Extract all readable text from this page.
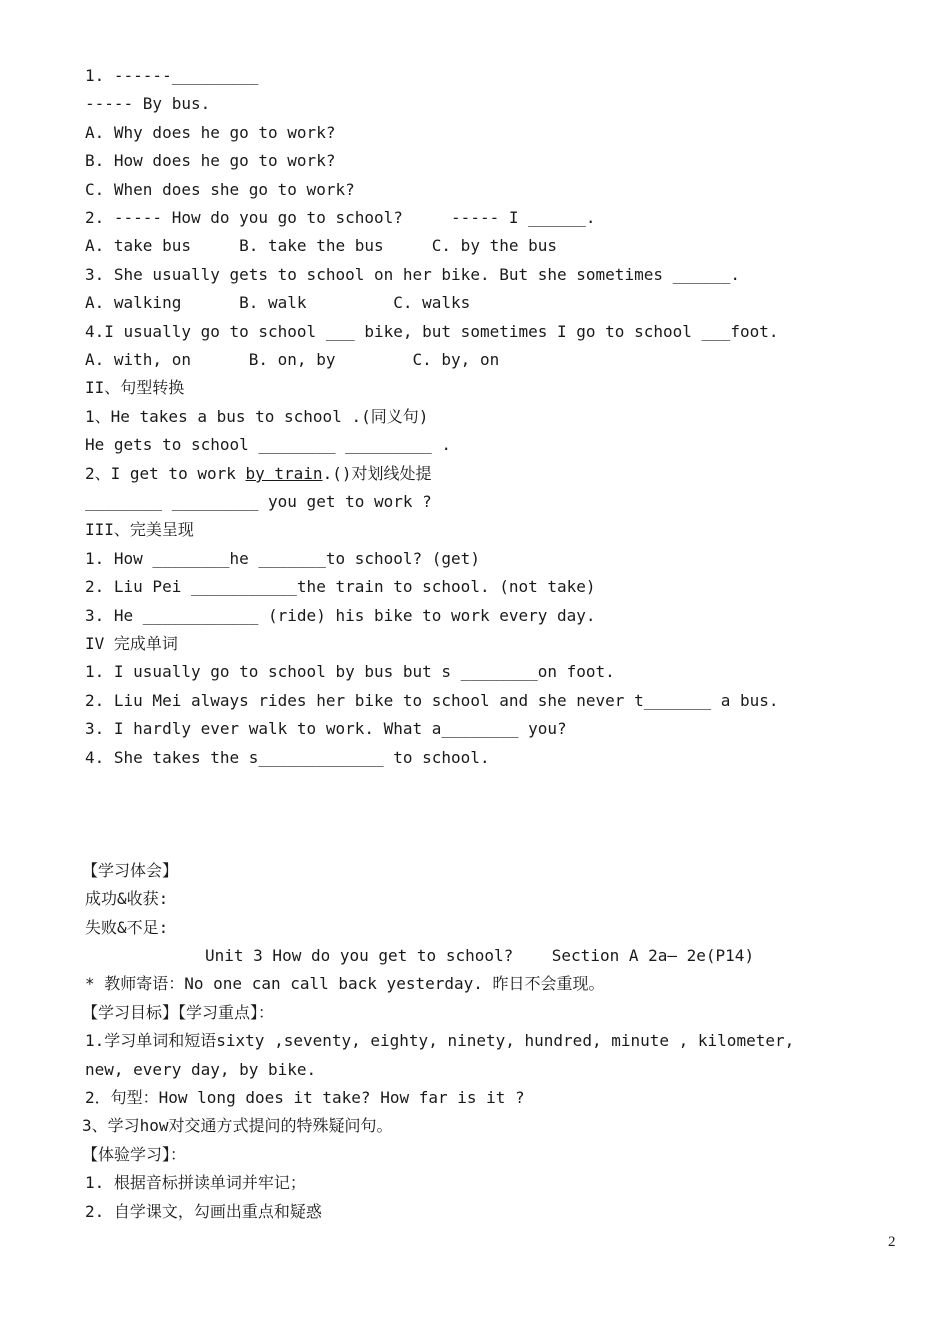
1. ------_________
----- By bus.
A. Why does he go to work?
B. How does he go to work?
C. When does she go to work?
2. ----- How do you go to school?     ----- I ______.
A. take bus     B. take the bus     C. by the bus
3. She usually gets to school on her bike. But she sometimes ______.
A. walking      B. walk         C. walks
4.I usually go to school ___ bike, but sometimes I go to school ___foot.
A. with, on      B. on, by        C. by, on
II、句型转换
1、He takes a bus to school .(同义句)
He gets to school ________ _________ .
2、I get to work by train.()对划线处提
________ _________ you get to work ?
III、完美呈现
1. How ________he _______to school? (get)
2. Liu Pei ___________the train to school. (not take)
3. He ____________ (ride) his bike to work every day.
IV 完成单词
1. I usually go to school by bus but s ________on foot.
2. Liu Mei always rides her bike to school and she never t_______ a bus.
3. I hardly ever walk to work. What a________ you?
4. She takes the s_____________ to school.
【学习体会】
成功&收获:
失败&不足:
Unit 3 How do you get to school?    Section A 2a— 2e(P14)
* 教师寄语：No one can call back yesterday. 昨日不会重现。
【学习目标】【学习重点】：
1.学习单词和短语sixty ,seventy, eighty, ninety, hundred, minute , kilometer,
new, every day, by bike.
2．句型：How long does it take? How far is it ?
3、学习how对交通方式提问的特殊疑问句。
【体验学习】：
1. 根据音标拼读单词并牢记；
2. 自学课文，勾画出重点和疑惑
2
